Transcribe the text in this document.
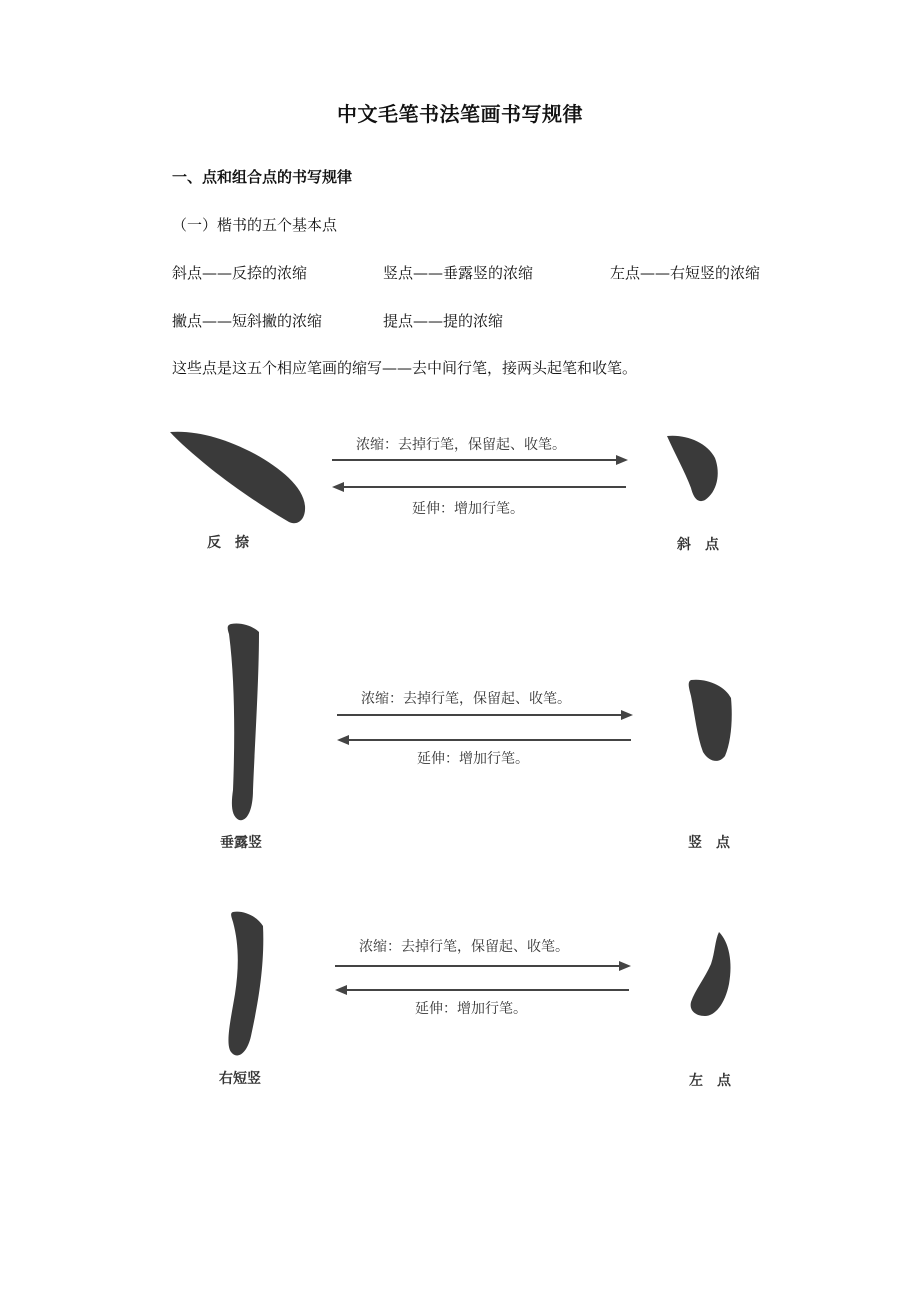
中文毛笔书法笔画书写规律
一、点和组合点的书写规律
（一）楷书的五个基本点
斜点——反捺的浓缩	竖点——垂露竖的浓缩	左点——右短竖的浓缩
撇点——短斜撇的浓缩	提点——提的浓缩
这些点是这五个相应笔画的缩写——去中间行笔，接两头起笔和收笔。
反　捺
浓缩：去掉行笔，保留起、收笔。
延伸：增加行笔。
斜　点
垂露竖
浓缩：去掉行笔，保留起、收笔。
延伸：增加行笔。
竖　点
右短竖
浓缩：去掉行笔，保留起、收笔。
延伸：增加行笔。
左　点
